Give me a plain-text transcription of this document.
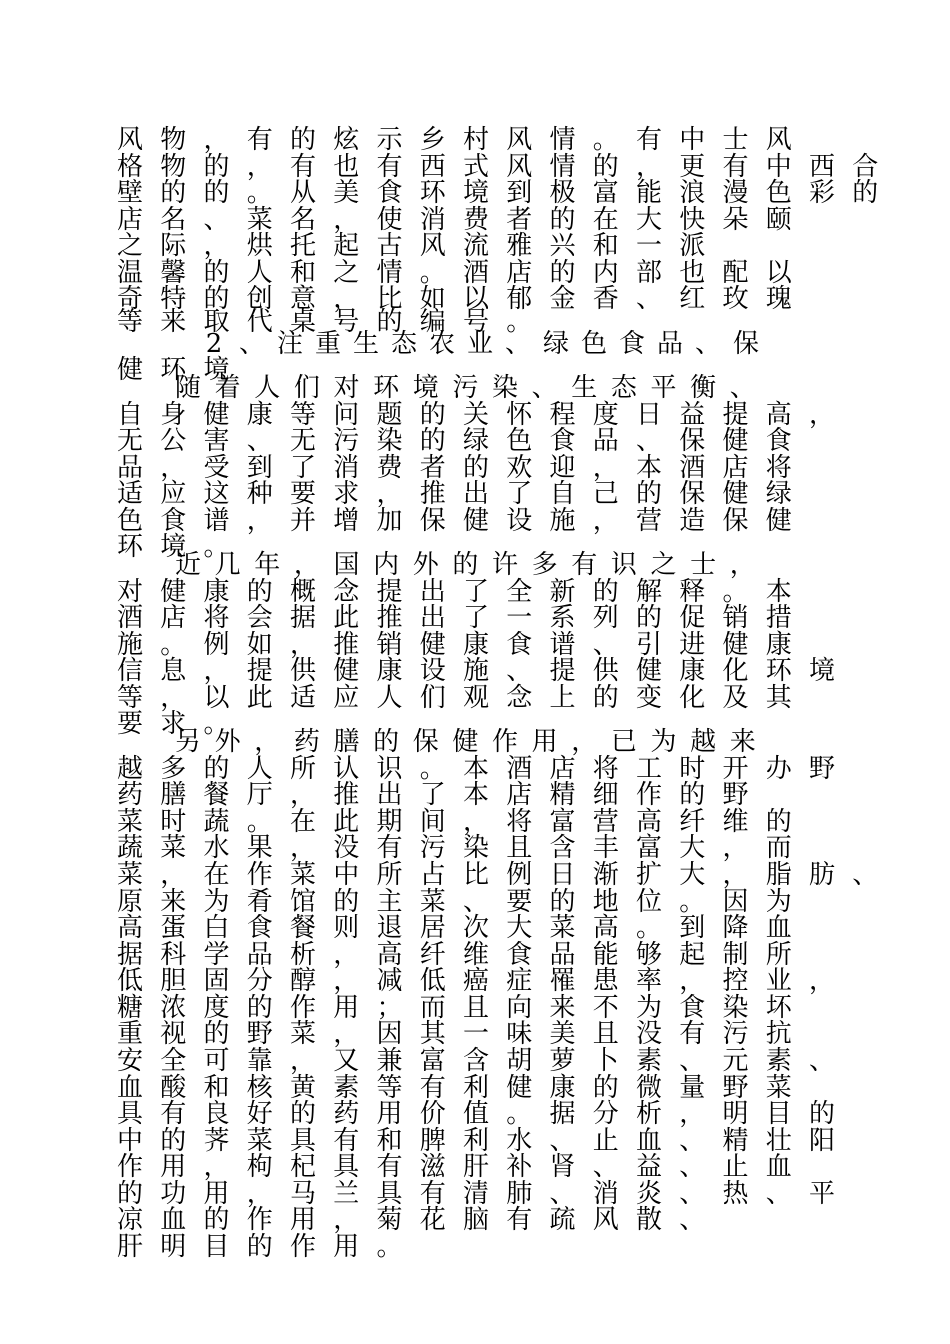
风 物 ， 有 的 炫 示 乡 村 风 情 。 有 中 士 风
格 物 的 ， 有 也 有 西 式 风 情 的 ， 更 有 中 西 合
壁 的 的 。 从 美 食 环 境 到 极 富 能 浪 漫 色 彩 的
店 名 、 菜 名 ， 使 消 费 者 的 在 大 快 朵 颐
之 际 ， 烘 托 起 古 风 流 雅 兴 和 一 派
温 馨 的 人 和 之 情 。 酒 店 的 内 部 也 配 以
奇 特 的 创 意 ， 比 如 以 郁 金 香 、 红 玫 瑰
等 来 取 代 桌 号 的 编 号 。
2 、 注 重 生 态 农 业 、 绿 色 食 品 、 保
健 环 境
随 着 人 们 对 环 境 污 染 、 生 态 平 衡 、
自 身 健 康 等 问 题 的 关 怀 程 度 日 益 提 高 ，
无 公 害 、 无 污 染 的 绿 色 食 品 、 保 健 食
品 ， 受 到 了 消 费 者 的 欢 迎 ， 本 酒 店 将
适 应 这 种 要 求 ， 推 出 了 自 己 的 保 健 绿
色 食 谱 ， 并 增 加 保 健 设 施 ， 营 造 保 健
环 境 。
近 几 年 ， 国 内 外 的 许 多 有 识 之 士 ，
对 健 康 的 概 念 提 出 了 全 新 的 解 释 。 本
酒 店 将 会 据 此 推 出 了 一 系 列 的 促 销 措
施 。 例 如 ， 推 销 健 康 食 谱 、 引 进 健 康
信 息 ， 提 供 健 康 设 施 、 提 供 健 康 化 环 境
等 ， 以 此 适 应 人 们 观 念 上 的 变 化 及 其
要 求 。
另 外 ， 药 膳 的 保 健 作 用 ， 已 为 越 来
越 多 的 人 所 认 识 。 本 酒 店 将 工 时 开 办 野
药 膳 餐 厅 ， 推 出 了 本 店 精 细 作 的 野
菜 时 蔬 。 在 此 期 间 ， 将 富 营 高 纤 维 的
蔬 菜 水 果 ， 没 有 污 染 且 含 丰 富 大 ， 而
菜 ， 在 作 菜 中 所 占 比 例 日 渐 扩 大 ， 脂 肪 、
原 来 为 肴 馆 的 主 菜 、 要 的 地 位 。 因 为
高 蛋 白 食 餐 则 退 居 次 大 菜 高 。 到 降 血
据 科 学 品 析 ， 高 纤 维 食 品 能 够 起 制 所
低 胆 固 分 醇 ， 减 低 癌 症 罹 患 率 ， 控 业 ，
糖 浓 度 的 作 用 ； 而 且 向 来 不 为 食 染 坏
重 视 的 野 菜 ， 因 其 一 味 美 且 没 有 污 抗
安 全 可 靠 ， 又 兼 富 含 胡 萝 卜 素 、 元 素 、
血 酸 和 核 黄 素 等 有 利 健 康 的 微 量 野 菜
具 有 良 好 的 药 用 价 值 。 据 分 析 ， 明 目 的
中 的 荠 菜 具 有 和 脾 利 水 、 止 血 、 精 壮 阳
作 用 ， 枸 杞 具 有 滋 肝 补 肾 、 益 、 止 血
的 功 用 ， 马 兰 具 有 清 肺 、 消 炎 、 热 、 平
凉 血 的 作 用 ， 菊 花 脑 有 疏 风 散 、
肝 明 目 的 作 用 。
